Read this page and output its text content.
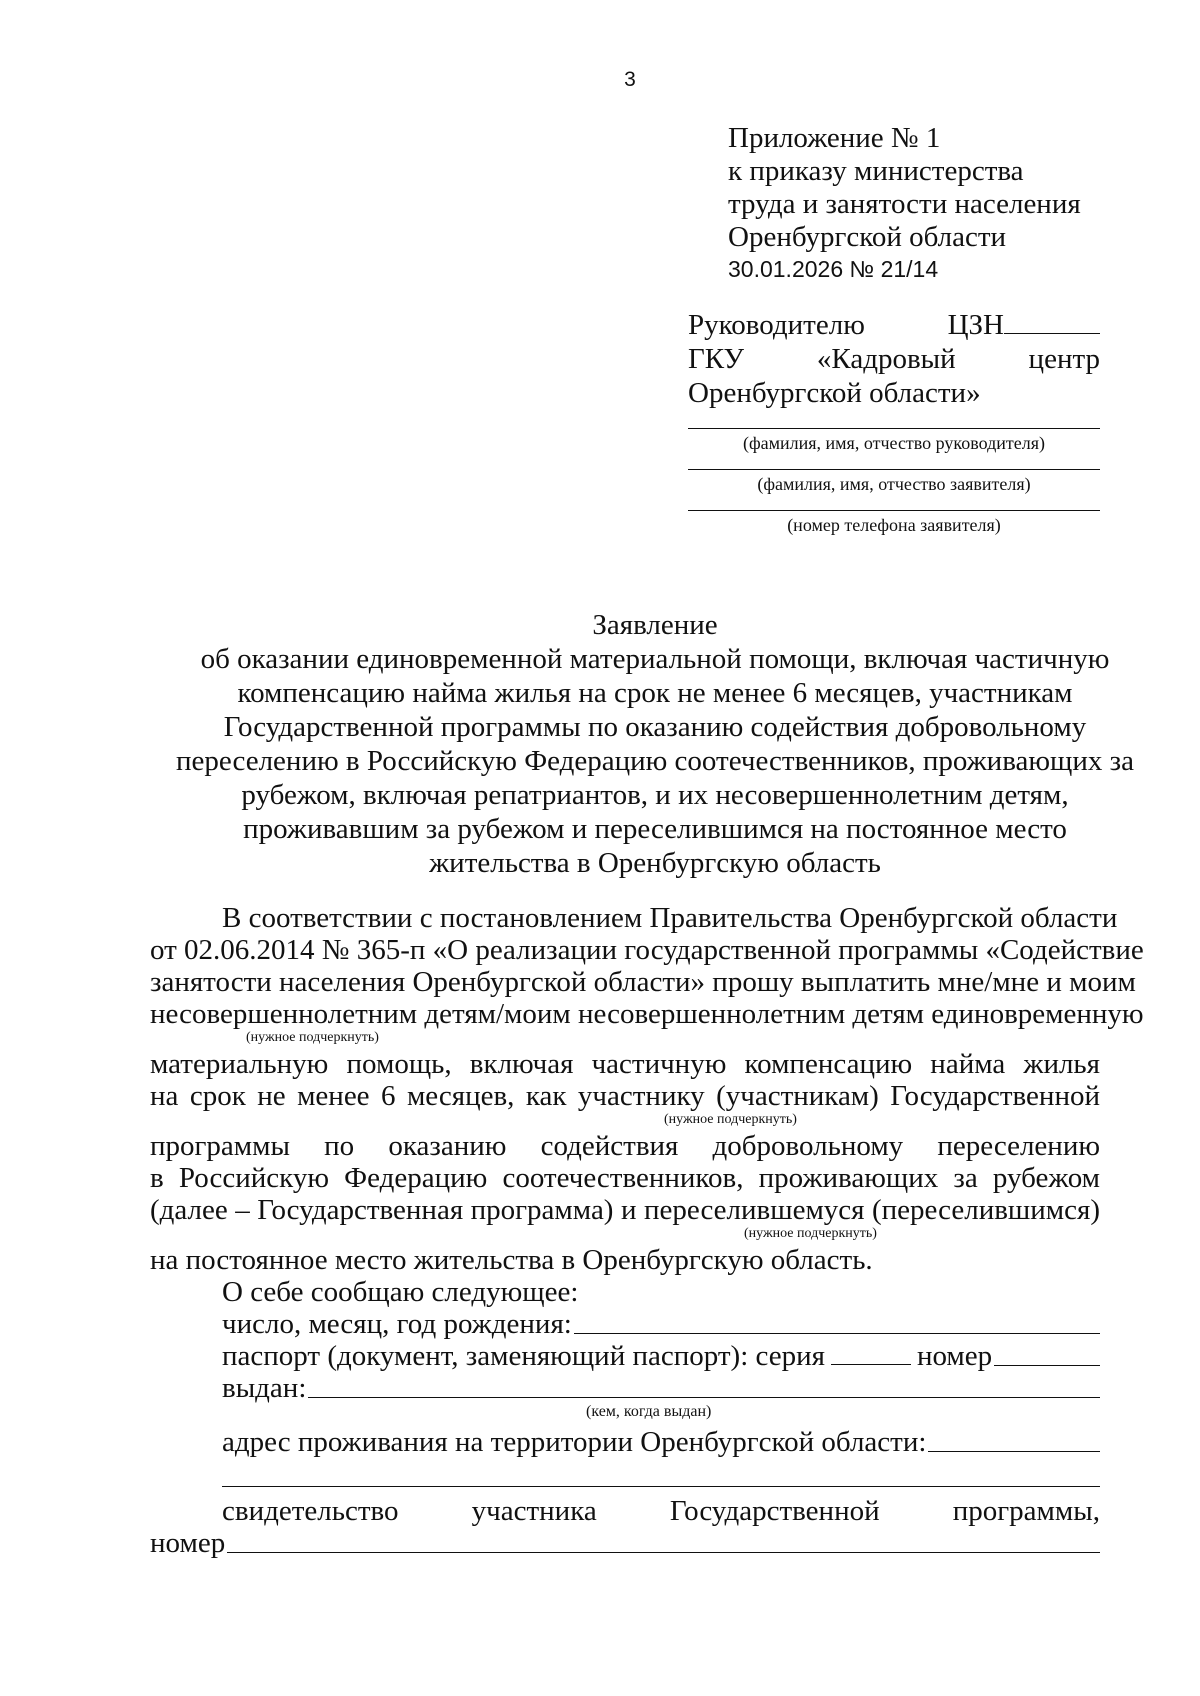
3
Приложение № 1
к приказу министерства
труда и занятости населения
Оренбургской области
30.01.2026 № 21/14
Руководителю	ЦЗН
ГКУ	«Кадровый	центр
Оренбургской области»
(фамилия, имя, отчество руководителя)
(фамилия, имя, отчество заявителя)
(номер телефона заявителя)
Заявление
об оказании единовременной материальной помощи, включая частичную
компенсацию найма жилья на срок не менее 6 месяцев, участникам
Государственной программы по оказанию содействия добровольному
переселению в Российскую Федерацию соотечественников, проживающих за
рубежом, включая репатриантов, и их несовершеннолетним детям,
проживавшим за рубежом и переселившимся на постоянное место
жительства в Оренбургскую область
В соответствии с постановлением Правительства Оренбургской области
от 02.06.2014 № 365-п «О реализации государственной программы «Содействие
занятости населения Оренбургской области» прошу выплатить мне/мне и моим
несовершеннолетним детям/моим несовершеннолетним детям единовременную
(нужное подчеркнуть)
материальную помощь, включая частичную компенсацию найма жилья
на срок не менее 6 месяцев, как участнику (участникам) Государственной
(нужное подчеркнуть)
программы по оказанию содействия добровольному переселению
в Российскую Федерацию соотечественников, проживающих за рубежом
(далее – Государственная программа) и переселившемуся (переселившимся)
(нужное подчеркнуть)
на постоянное место жительства в Оренбургскую область.
О себе сообщаю следующее:
число, месяц, год рождения:
паспорт (документ, заменяющий паспорт): серия	номер
выдан:
(кем, когда выдан)
адрес проживания на территории Оренбургской области:
свидетельство участника Государственной программы,
номер
